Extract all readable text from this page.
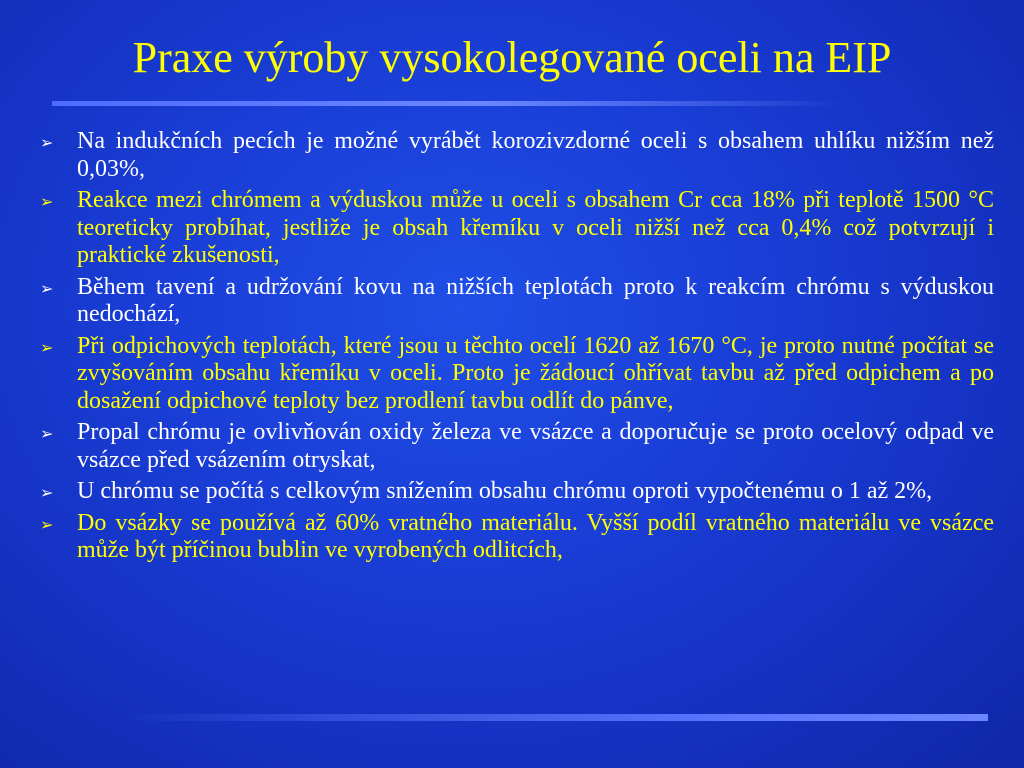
Praxe výroby vysokolegované oceli na EIP
➢ Na indukčních pecích je možné vyrábět korozivzdorné oceli s obsahem uhlíku nižším než 0,03%,
➢ Reakce mezi chrómem a výduskou může u oceli s obsahem Cr cca 18% při teplotě 1500 °C teoreticky probíhat, jestliže je obsah křemíku v oceli nižší než cca 0,4% což potvrzují i praktické zkušenosti,
➢ Během tavení a udržování kovu na nižších teplotách proto k reakcím chrómu s výduskou nedochází,
➢ Při odpichových teplotách, které jsou u těchto ocelí 1620 až 1670 °C, je proto nutné počítat se zvyšováním obsahu křemíku v oceli. Proto je žádoucí ohřívat tavbu až před odpichem a po dosažení odpichové teploty bez prodlení tavbu odlít do pánve,
➢ Propal chrómu je ovlivňován oxidy železa ve vsázce a doporučuje se proto ocelový odpad ve vsázce před vsázením otryskat,
➢ U chrómu se počítá s celkovým snížením obsahu chrómu oproti vypočtenému o 1 až 2%,
➢ Do vsázky se používá až 60% vratného materiálu. Vyšší podíl vratného materiálu ve vsázce může být příčinou bublin ve vyrobených odlitcích,
